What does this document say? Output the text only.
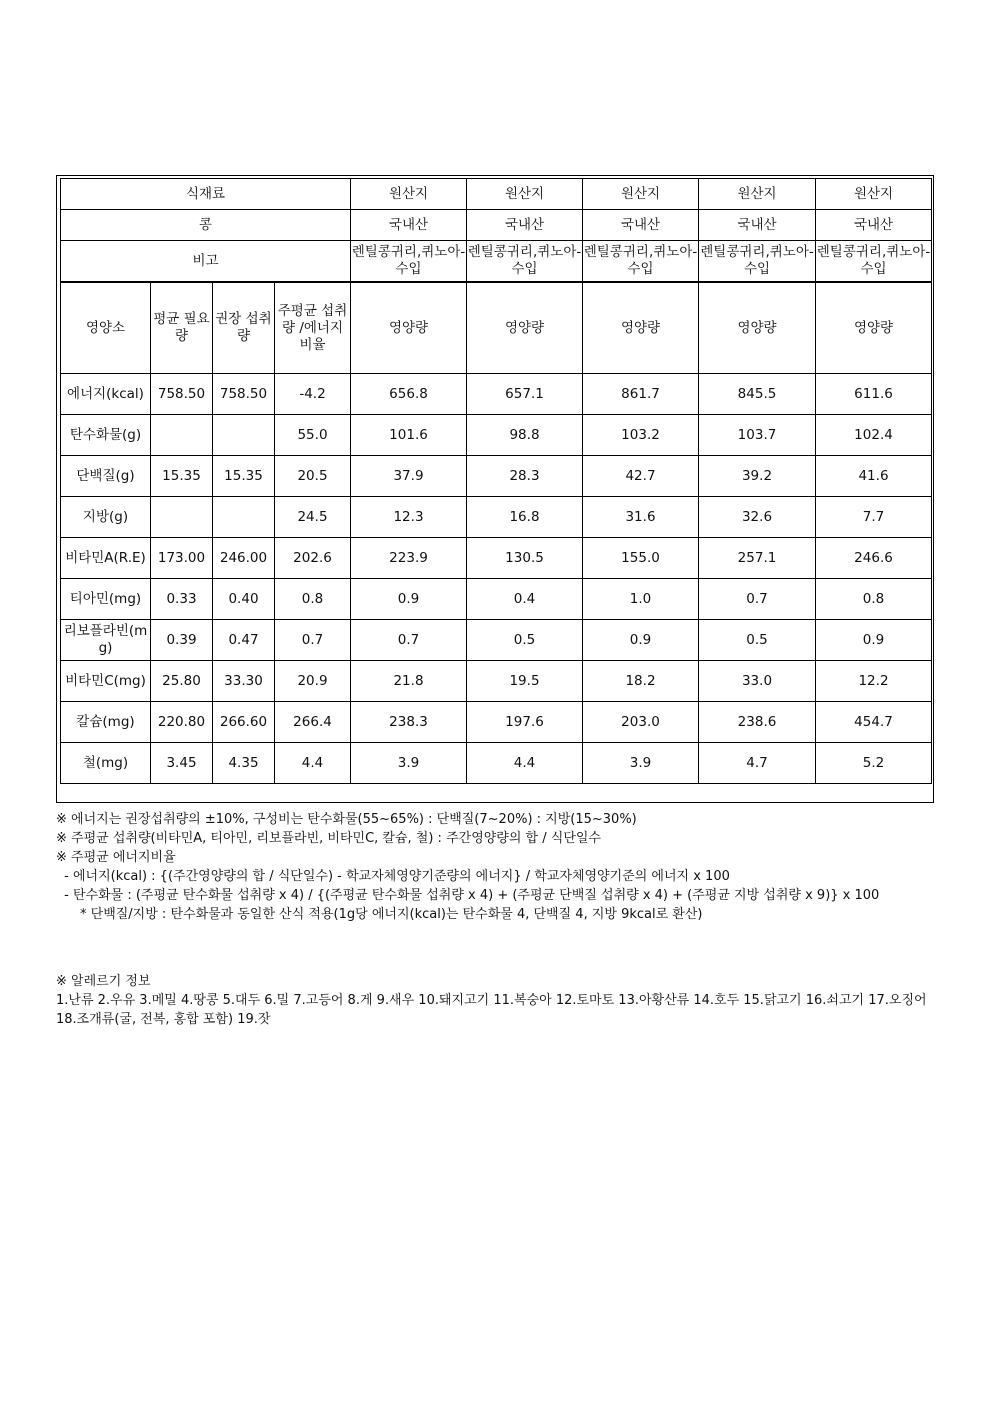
식재료	원산지	원산지	원산지	원산지	원산지
콩	국내산	국내산	국내산	국내산	국내산
비고	렌틸콩귀리,퀴노아-수입	렌틸콩귀리,퀴노아-수입	렌틸콩귀리,퀴노아-수입	렌틸콩귀리,퀴노아-수입	렌틸콩귀리,퀴노아-수입
영양소	평균 필요량	권장 섭취량	주평균 섭취량 /에너지 비율	영양량	영양량	영양량	영양량	영양량
에너지(kcal)	758.50	758.50	-4.2	656.8	657.1	861.7	845.5	611.6
탄수화물(g)			55.0	101.6	98.8	103.2	103.7	102.4
단백질(g)	15.35	15.35	20.5	37.9	28.3	42.7	39.2	41.6
지방(g)			24.5	12.3	16.8	31.6	32.6	7.7
비타민A(R.E)	173.00	246.00	202.6	223.9	130.5	155.0	257.1	246.6
티아민(mg)	0.33	0.40	0.8	0.9	0.4	1.0	0.7	0.8
리보플라빈(mg)	0.39	0.47	0.7	0.7	0.5	0.9	0.5	0.9
비타민C(mg)	25.80	33.30	20.9	21.8	19.5	18.2	33.0	12.2
칼슘(mg)	220.80	266.60	266.4	238.3	197.6	203.0	238.6	454.7
철(mg)	3.45	4.35	4.4	3.9	4.4	3.9	4.7	5.2

※ 에너지는 권장섭취량의 ±10%, 구성비는 탄수화물(55~65%) : 단백질(7~20%) : 지방(15~30%)

※ 주평균 섭취량(비타민A, 티아민, 리보플라빈, 비타민C, 칼슘, 철) : 주간영양량의 합 / 식단일수

※ 주평균 에너지비율

- 에너지(kcal) : {(주간영양량의 합 / 식단일수) - 학교자체영양기준량의 에너지} / 학교자체영양기준의 에너지 x 100

- 탄수화물 : (주평균 탄수화물 섭취량 x 4) / {(주평균 탄수화물 섭취량 x 4) + (주평균 단백질 섭취량 x 4) + (주평균 지방 섭취량 x 9)} x 100

* 단백질/지방 : 탄수화물과 동일한 산식 적용(1g당 에너지(kcal)는 탄수화물 4, 단백질 4, 지방 9kcal로 환산)

※ 알레르기 정보

1.난류 2.우유 3.메밀 4.땅콩 5.대두 6.밀 7.고등어 8.게 9.새우 10.돼지고기 11.복숭아 12.토마토 13.아황산류 14.호두 15.닭고기 16.쇠고기 17.오징어 18.조개류(굴, 전복, 홍합 포함) 19.잣
